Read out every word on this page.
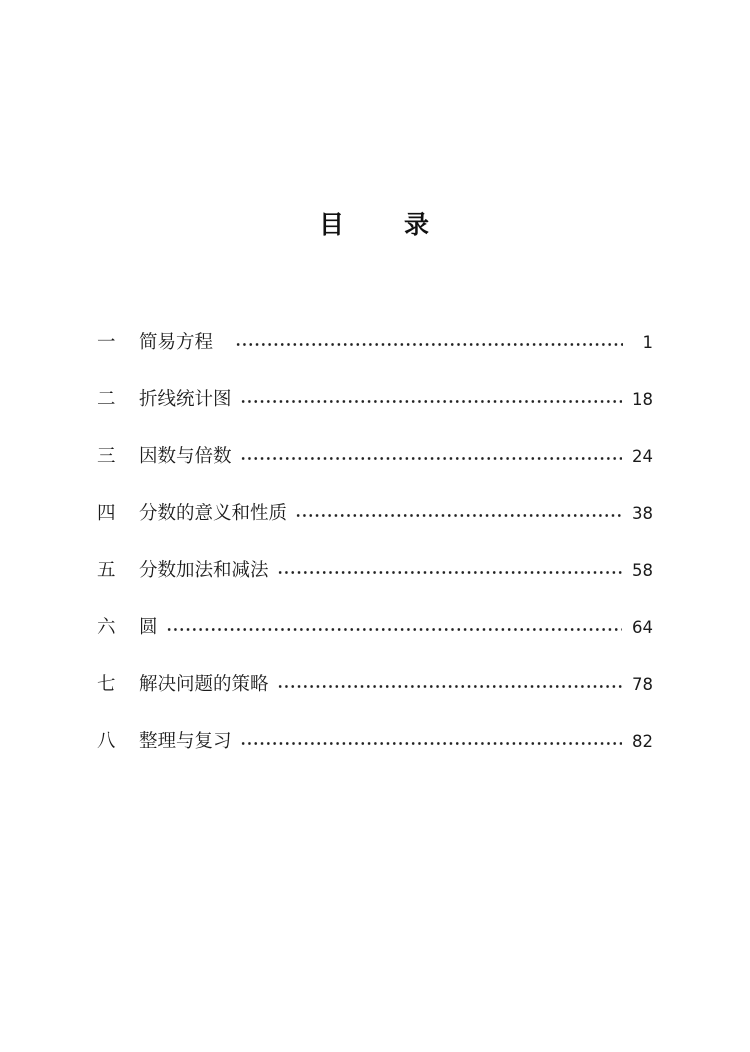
目 录
一	简易方程	1
二	折线统计图	18
三	因数与倍数	24
四	分数的意义和性质	38
五	分数加法和减法	58
六	圆	64
七	解决问题的策略	78
八	整理与复习	82
